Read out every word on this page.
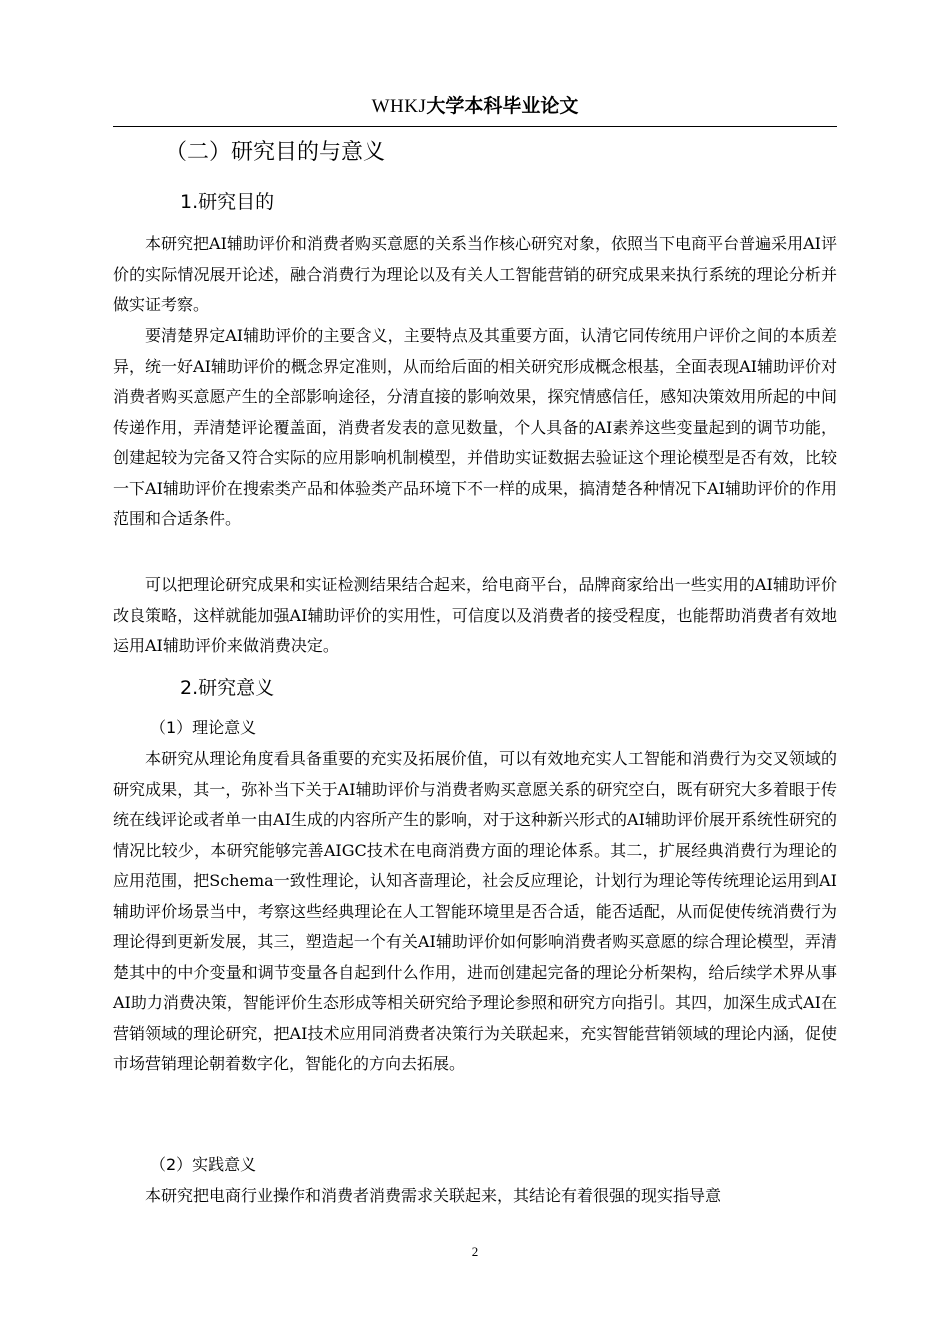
WHKJ大学本科毕业论文
（二）研究目的与意义
1.研究目的

本研究把AI辅助评价和消费者购买意愿的关系当作核心研究对象，依照当下电商平台普遍采用AI评价的实际情况展开论述，融合消费行为理论以及有关人工智能营销的研究成果来执行系统的理论分析并做实证考察。

要清楚界定AI辅助评价的主要含义，主要特点及其重要方面，认清它同传统用户评价之间的本质差异，统一好AI辅助评价的概念界定准则，从而给后面的相关研究形成概念根基，全面表现AI辅助评价对消费者购买意愿产生的全部影响途径，分清直接的影响效果，探究情感信任，感知决策效用所起的中间传递作用，弄清楚评论覆盖面，消费者发表的意见数量，个人具备的AI素养这些变量起到的调节功能，创建起较为完备又符合实际的应用影响机制模型，并借助实证数据去验证这个理论模型是否有效，比较一下AI辅助评价在搜索类产品和体验类产品环境下不一样的成果，搞清楚各种情况下AI辅助评价的作用范围和合适条件。

可以把理论研究成果和实证检测结果结合起来，给电商平台，品牌商家给出一些实用的AI辅助评价改良策略，这样就能加强AI辅助评价的实用性，可信度以及消费者的接受程度，也能帮助消费者有效地运用AI辅助评价来做消费决定。

2.研究意义
（1）理论意义

本研究从理论角度看具备重要的充实及拓展价值，可以有效地充实人工智能和消费行为交叉领域的研究成果，其一，弥补当下关于AI辅助评价与消费者购买意愿关系的研究空白，既有研究大多着眼于传统在线评论或者单一由AI生成的内容所产生的影响，对于这种新兴形式的AI辅助评价展开系统性研究的情况比较少，本研究能够完善AIGC技术在电商消费方面的理论体系。其二，扩展经典消费行为理论的应用范围，把Schema一致性理论，认知吝啬理论，社会反应理论，计划行为理论等传统理论运用到AI辅助评价场景当中，考察这些经典理论在人工智能环境里是否合适，能否适配，从而促使传统消费行为理论得到更新发展，其三，塑造起一个有关AI辅助评价如何影响消费者购买意愿的综合理论模型，弄清楚其中的中介变量和调节变量各自起到什么作用，进而创建起完备的理论分析架构，给后续学术界从事AI助力消费决策，智能评价生态形成等相关研究给予理论参照和研究方向指引。其四，加深生成式AI在营销领域的理论研究，把AI技术应用同消费者决策行为关联起来，充实智能营销领域的理论内涵，促使市场营销理论朝着数字化，智能化的方向去拓展。

（2）实践意义

本研究把电商行业操作和消费者消费需求关联起来，其结论有着很强的现实指导意

2
